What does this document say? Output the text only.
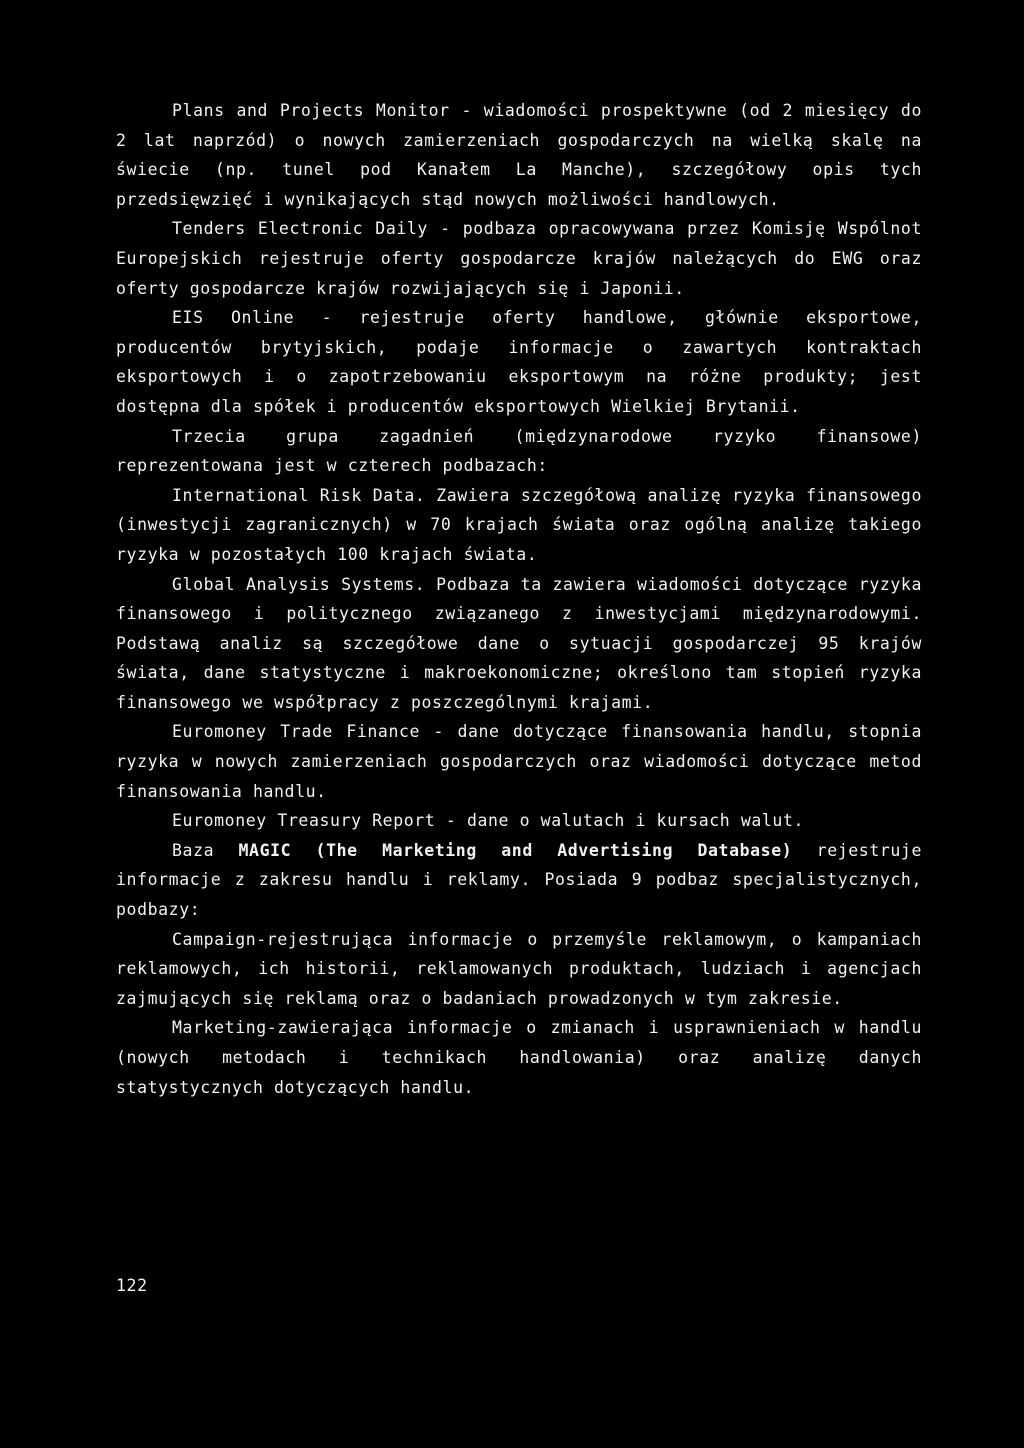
Plans and Projects Monitor - wiadomości prospektywne (od 2 miesięcy do 2 lat naprzód) o nowych zamierzeniach gospodarczych na wielką skalę na świecie (np. tunel pod Kanałem La Manche), szczegółowy opis tych przedsięwzięć i wynikających stąd nowych możliwości handlowych.

Tenders Electronic Daily - podbaza opracowywana przez Komisję Wspólnot Europejskich rejestruje oferty gospodarcze krajów należących do EWG oraz oferty gospodarcze krajów rozwijających się i Japonii.

EIS Online - rejestruje oferty handlowe, głównie eksportowe, producentów brytyjskich, podaje informacje o zawartych kontraktach eksportowych i o zapotrzebowaniu eksportowym na różne produkty; jest dostępna dla spółek i producentów eksportowych Wielkiej Brytanii.

Trzecia grupa zagadnień (międzynarodowe ryzyko finansowe) reprezentowana jest w czterech podbazach:

International Risk Data. Zawiera szczegółową analizę ryzyka finansowego (inwestycji zagranicznych) w 70 krajach świata oraz ogólną analizę takiego ryzyka w pozostałych 100 krajach świata.

Global Analysis Systems. Podbaza ta zawiera wiadomości dotyczące ryzyka finansowego i politycznego związanego z inwestycjami międzynarodowymi. Podstawą analiz są szczegółowe dane o sytuacji gospodarczej 95 krajów świata, dane statystyczne i makroekonomiczne; określono tam stopień ryzyka finansowego we współpracy z poszczególnymi krajami.

Euromoney Trade Finance - dane dotyczące finansowania handlu, stopnia ryzyka w nowych zamierzeniach gospodarczych oraz wiadomości dotyczące metod finansowania handlu.

Euromoney Treasury Report - dane o walutach i kursach walut.

Baza MAGIC (The Marketing and Advertising Database) rejestruje informacje z zakresu handlu i reklamy. Posiada 9 podbaz specjalistycznych, podbazy:

Campaign-rejestrująca informacje o przemyśle reklamowym, o kampaniach reklamowych, ich historii, reklamowanych produktach, ludziach i agencjach zajmujących się reklamą oraz o badaniach prowadzonych w tym zakresie.

Marketing-zawierająca informacje o zmianach i usprawnieniach w handlu (nowych metodach i technikach handlowania) oraz analizę danych statystycznych dotyczących handlu.

122
